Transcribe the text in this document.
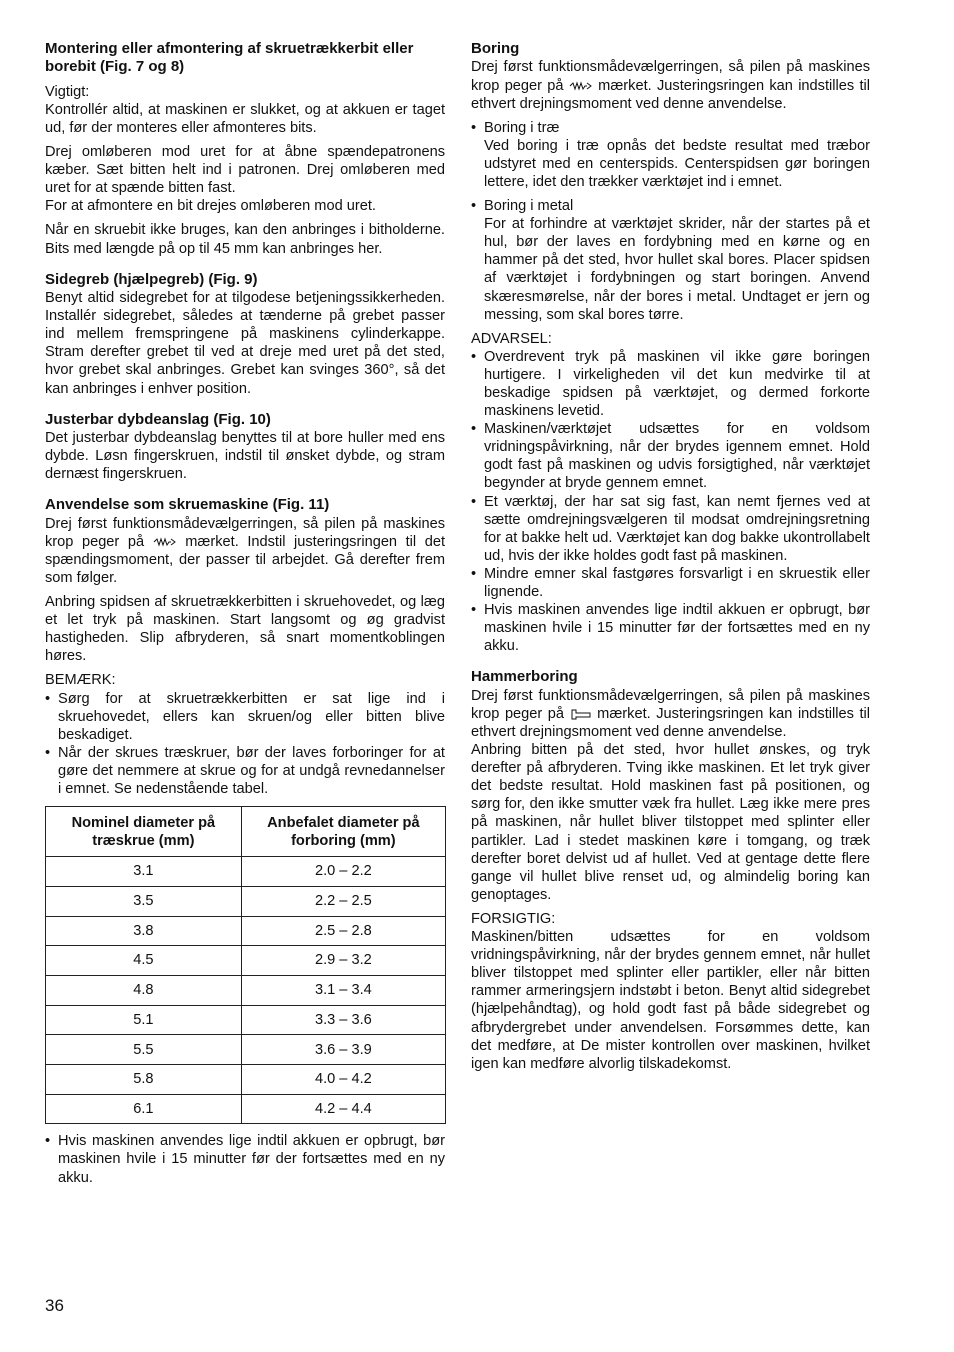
Montering eller afmontering af skruetrækkerbit eller borebit (Fig. 7 og 8)

Vigtigt:

Kontrollér altid, at maskinen er slukket, og at akkuen er taget ud, før der monteres eller afmonteres bits.

Drej omløberen mod uret for at åbne spændepatronens kæber. Sæt bitten helt ind i patronen. Drej omløberen med uret for at spænde bitten fast.

For at afmontere en bit drejes omløberen mod uret.

Når en skruebit ikke bruges, kan den anbringes i bitholderne. Bits med længde på op til 45 mm kan anbringes her.

Sidegreb (hjælpegreb) (Fig. 9)

Benyt altid sidegrebet for at tilgodese betjeningssikkerheden. Installér sidegrebet, således at tænderne på grebet passer ind mellem fremspringene på maskinens cylinderkappe. Stram derefter grebet til ved at dreje med uret på det sted, hvor grebet skal anbringes. Grebet kan svinges 360°, så det kan anbringes i enhver position.

Justerbar dybdeanslag (Fig. 10)

Det justerbar dybdeanslag benyttes til at bore huller med ens dybde. Løsn fingerskruen, indstil til ønsket dybde, og stram dernæst fingerskruen.

Anvendelse som skruemaskine (Fig. 11)

Drej først funktionsmådevælgerringen, så pilen på maskines krop peger på	mærket. Indstil justeringsringen til det spændingsmoment, der passer til arbejdet. Gå derefter frem som følger.

Anbring spidsen af skruetrækkerbitten i skruehovedet, og læg et let tryk på maskinen. Start langsomt og øg gradvist hastigheden. Slip afbryderen, så snart momentkoblingen høres.

BEMÆRK:

• Sørg for at skruetrækkerbitten er sat lige ind i skruehovedet, ellers kan skruen/og eller bitten blive beskadiget.
• Når der skrues træskruer, bør der laves forboringer for at gøre det nemmere at skrue og for at undgå revnedannelser i emnet. Se nedenstående tabel.
Nominel diameter på træskrue (mm)	Anbefalet diameter på forboring (mm)
3.1	2.0 – 2.2
3.5	2.2 – 2.5
3.8	2.5 – 2.8
4.5	2.9 – 3.2
4.8	3.1 – 3.4
5.1	3.3 – 3.6
5.5	3.6 – 3.9
5.8	4.0 – 4.2
6.1	4.2 – 4.4
• Hvis maskinen anvendes lige indtil akkuen er opbrugt, bør maskinen hvile i 15 minutter før der fortsættes med en ny akku.
Boring

Drej først funktionsmådevælgerringen, så pilen på maskines krop peger på mærket. Justeringsringen kan indstilles til ethvert drejningsmoment ved denne anvendelse.

• Boring i træ
Ved boring i træ opnås det bedste resultat med træbor udstyret med en centerspids. Centerspidsen gør boringen lettere, idet den trækker værktøjet ind i emnet.
• Boring i metal
For at forhindre at værktøjet skrider, når der startes på et hul, bør der laves en fordybning med en kørne og en hammer på det sted, hvor hullet skal bores. Placer spidsen af værktøjet i fordybningen og start boringen. Anvend skæresmørelse, når der bores i metal. Undtaget er jern og messing, som skal bores tørre.

ADVARSEL:

• Overdrevent tryk på maskinen vil ikke gøre boringen hurtigere. I virkeligheden vil det kun medvirke til at beskadige spidsen på værktøjet, og dermed forkorte maskinens levetid.
• Maskinen/værktøjet udsættes for en voldsom vridningspåvirkning, når der brydes igennem emnet. Hold godt fast på maskinen og udvis forsigtighed, når værktøjet begynder at bryde gennem emnet.
• Et værktøj, der har sat sig fast, kan nemt fjernes ved at sætte omdrejningsvælgeren til modsat omdrejningsretning for at bakke helt ud. Værktøjet kan dog bakke ukontrollabelt ud, hvis der ikke holdes godt fast på maskinen.
• Mindre emner skal fastgøres forsvarligt i en skruestik eller lignende.
• Hvis maskinen anvendes lige indtil akkuen er opbrugt, bør maskinen hvile i 15 minutter før der fortsættes med en ny akku.
Hammerboring

Drej først funktionsmådevælgerringen, så pilen på maskines krop peger på mærket. Justeringsringen kan indstilles til ethvert drejningsmoment ved denne anvendelse.

Anbring bitten på det sted, hvor hullet ønskes, og tryk derefter på afbryderen. Tving ikke maskinen. Et let tryk giver det bedste resultat. Hold maskinen fast på positionen, og sørg for, den ikke smutter væk fra hullet. Læg ikke mere pres på maskinen, når hullet bliver tilstoppet med splinter eller partikler. Lad i stedet maskinen køre i tomgang, og træk derefter boret delvist ud af hullet. Ved at gentage dette flere gange vil hullet blive renset ud, og almindelig boring kan genoptages.

FORSIGTIG:

Maskinen/bitten udsættes for en voldsom vridningspåvirkning, når der brydes gennem emnet, når hullet bliver tilstoppet med splinter eller partikler, eller når bitten rammer armeringsjern indstøbt i beton. Benyt altid sidegrebet (hjælpehåndtag), og hold godt fast på både sidegrebet og afbrydergrebet under anvendelsen. Forsømmes dette, kan det medføre, at De mister kontrollen over maskinen, hvilket igen kan medføre alvorlig tilskadekomst.

36
